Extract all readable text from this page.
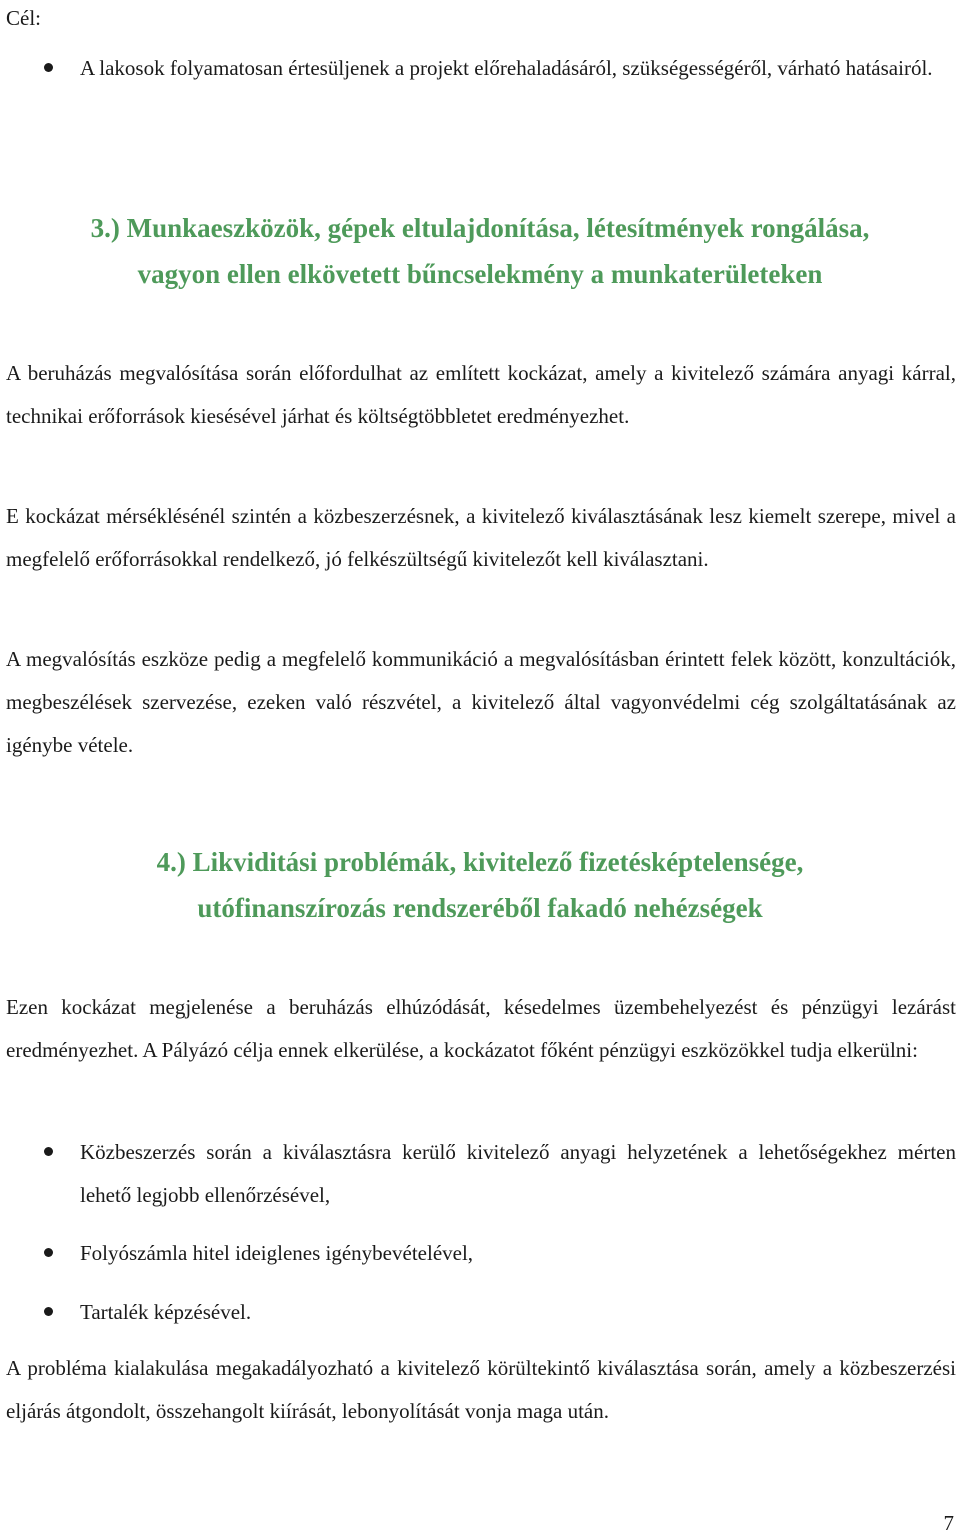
Cél:
A lakosok folyamatosan értesüljenek a projekt előrehaladásáról, szükségességéről, várható hatásairól.
3.) Munkaeszközök, gépek eltulajdonítása, létesítmények rongálása,
vagyon ellen elkövetett bűncselekmény a munkaterületeken
A beruházás megvalósítása során előfordulhat az említett kockázat, amely a kivitelező számára anyagi kárral, technikai erőforrások kiesésével járhat és költségtöbbletet eredményezhet.
E kockázat mérséklésénél szintén a közbeszerzésnek, a kivitelező kiválasztásának lesz kiemelt szerepe, mivel a megfelelő erőforrásokkal rendelkező, jó felkészültségű kivitelezőt kell kiválasztani.
A megvalósítás eszköze pedig a megfelelő kommunikáció a megvalósításban érintett felek között, konzultációk, megbeszélések szervezése, ezeken való részvétel, a kivitelező által vagyonvédelmi cég szolgáltatásának az igénybe vétele.
4.) Likviditási problémák, kivitelező fizetésképtelensége,
utófinanszírozás rendszeréből fakadó nehézségek
Ezen kockázat megjelenése a beruházás elhúzódását, késedelmes üzembehelyezést és pénzügyi lezárást eredményezhet. A Pályázó célja ennek elkerülése, a kockázatot főként pénzügyi eszközökkel tudja elkerülni:
Közbeszerzés során a kiválasztásra kerülő kivitelező anyagi helyzetének a lehetőségekhez mérten lehető legjobb ellenőrzésével,
Folyószámla hitel ideiglenes igénybevételével,
Tartalék képzésével.
A probléma kialakulása megakadályozható a kivitelező körültekintő kiválasztása során, amely a közbeszerzési eljárás átgondolt, összehangolt kiírását, lebonyolítását vonja maga után.
7
